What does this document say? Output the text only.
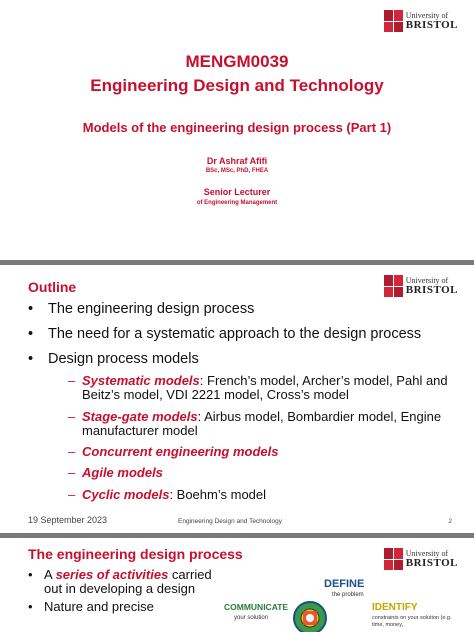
University of
BRISTOL
MENGM0039
Engineering Design and Technology
Models of the engineering design process (Part 1)
Dr Ashraf Afifi
BSc, MSc, PhD, FHEA
Senior Lecturer
of Engineering Management
University of
BRISTOL
Outline
•	The engineering design process
•	The need for a systematic approach to the design process
•	Design process models
– Systematic models: French’s model, Archer’s model, Pahl and Beitz’s model, VDI 2221 model, Cross’s model
– Stage-gate models: Airbus model, Bombardier model, Engine manufacturer model
– Concurrent engineering models
– Agile models
– Cyclic models: Boehm’s model
19 September 2023	Engineering Design and Technology	2
University of
BRISTOL
The engineering design process
• A series of activities carried out in developing a design
• Nature and precise
DEFINE
the problem
COMMUNICATE
your solution
IDENTIFY
constraints on your solution (e.g. time, money,
